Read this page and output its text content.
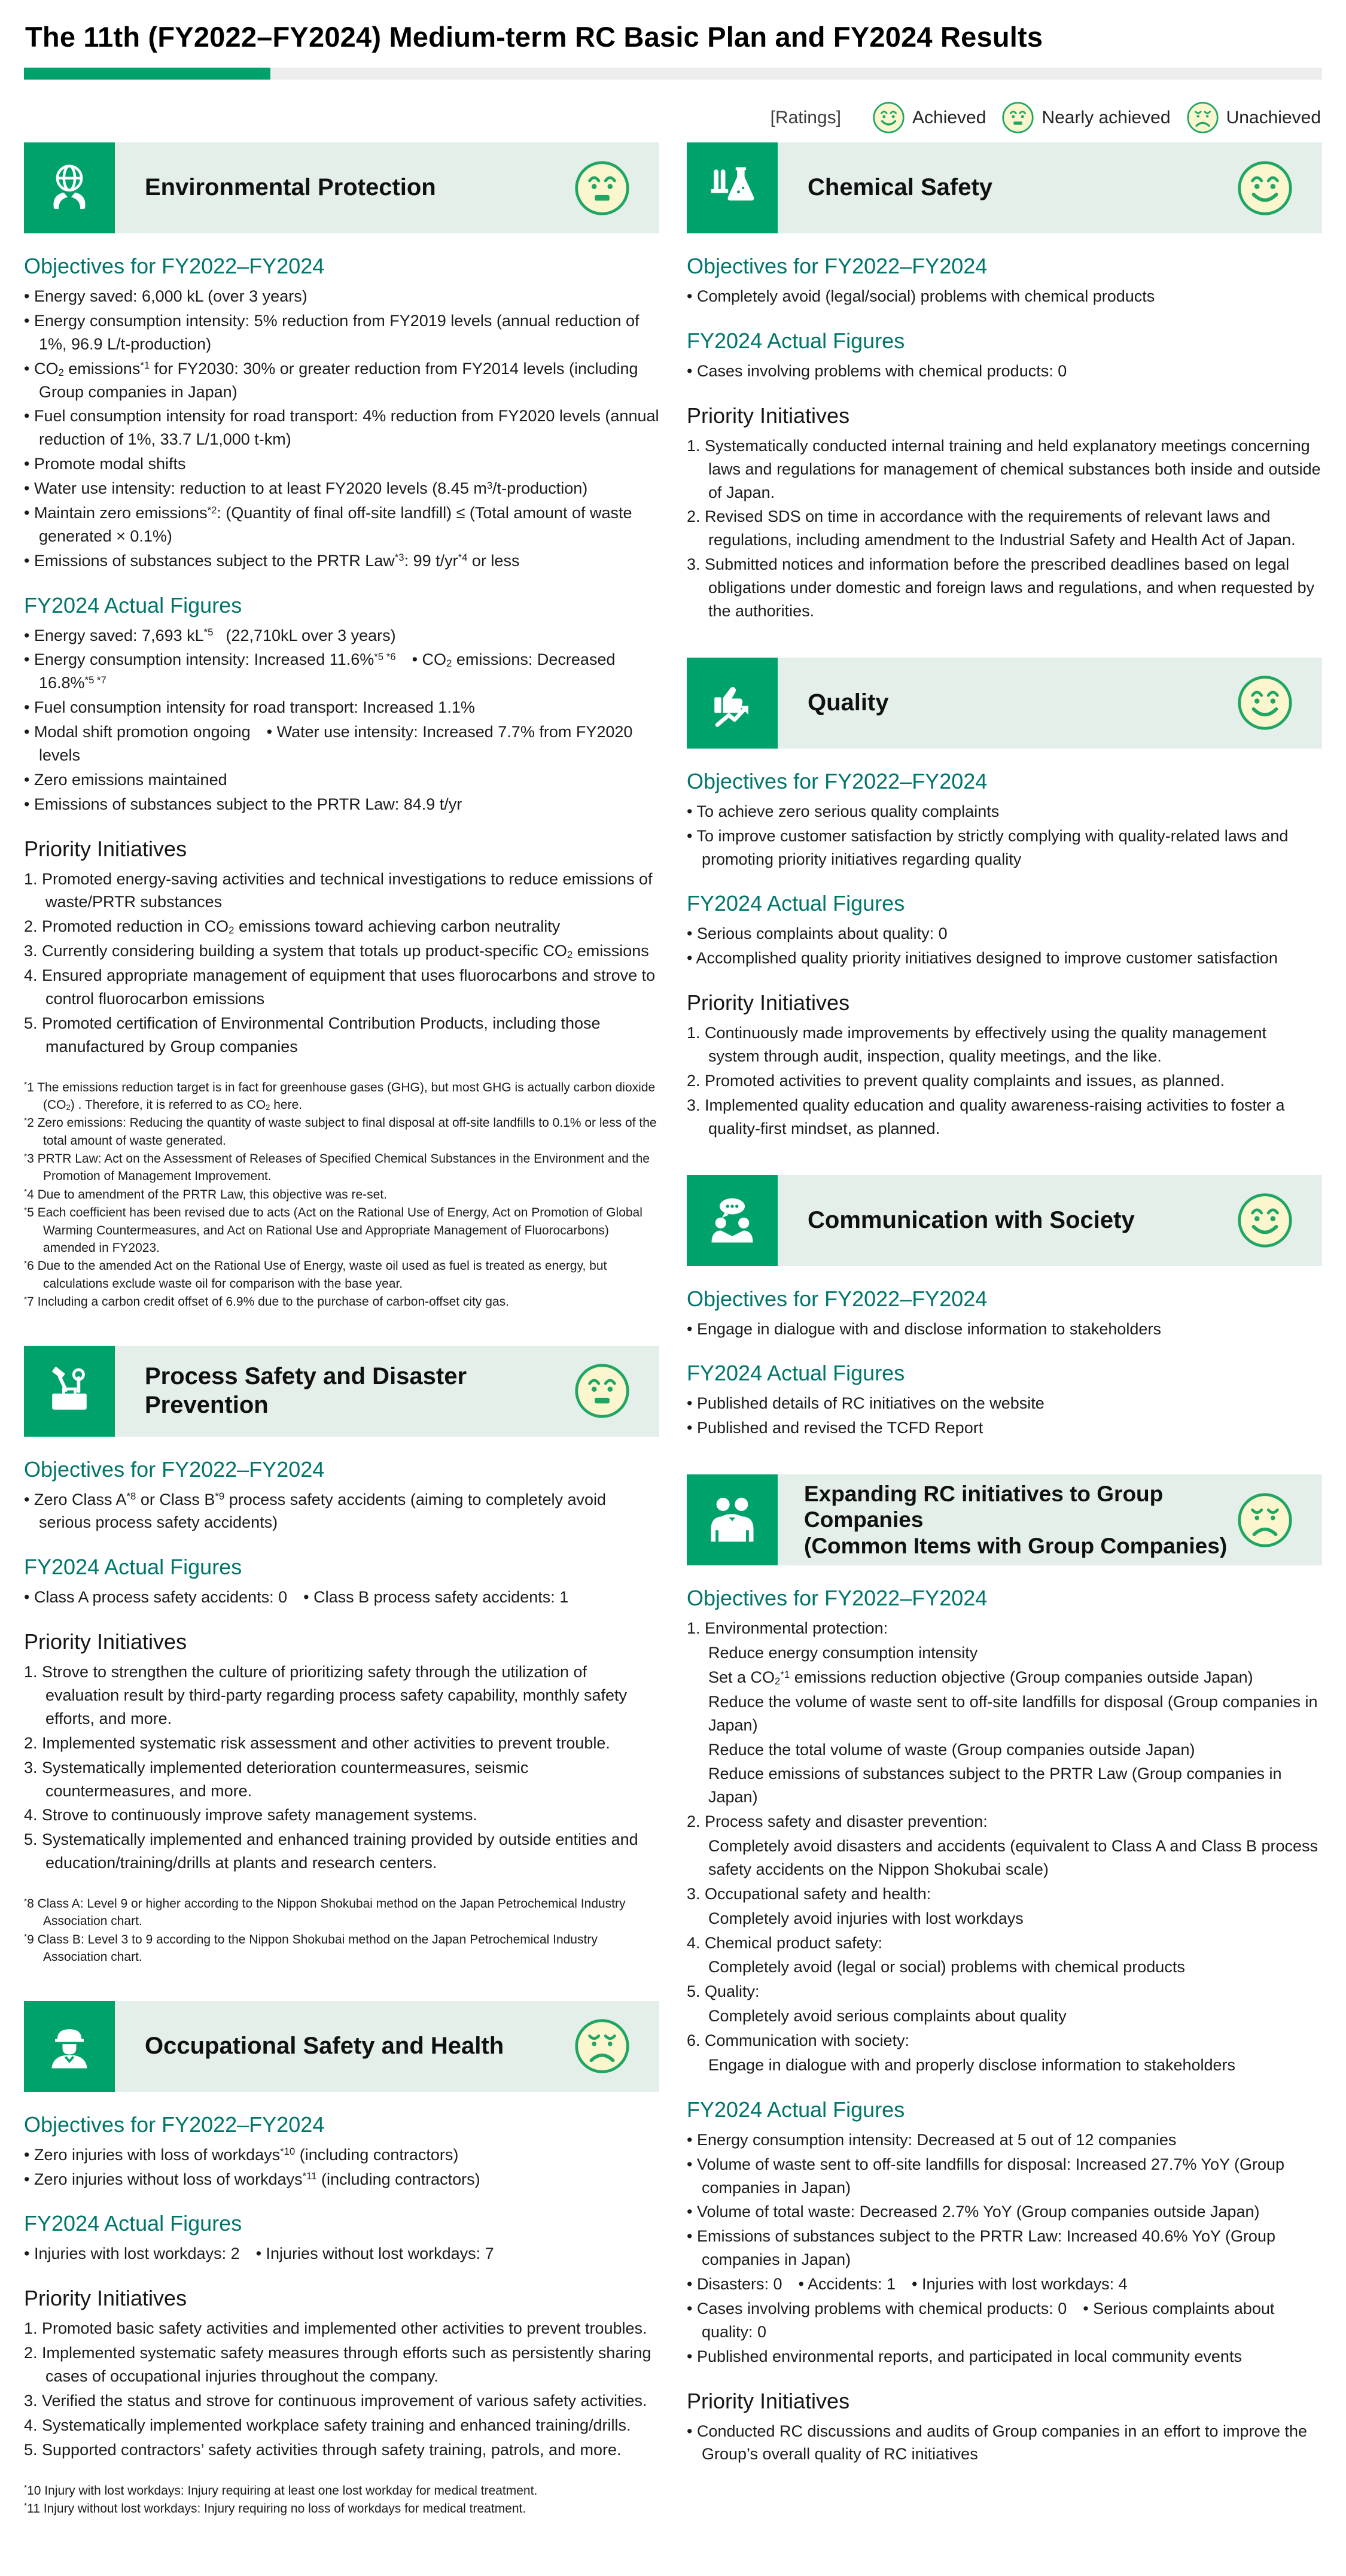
The 11th (FY2022–FY2024) Medium-term RC Basic Plan and FY2024 Results
[Ratings]	Achieved	Nearly achieved	Unachieved
Environmental Protection
Objectives for FY2022–FY2024
• Energy saved: 6,000 kL (over 3 years)
• Energy consumption intensity: 5% reduction from FY2019 levels (annual reduction of 1%, 96.9 L/t-production)
• $CO_2$ emissions$^{*1}$ for FY2030: 30% or greater reduction from FY2014 levels (including Group companies in Japan)
• Fuel consumption intensity for road transport: 4% reduction from FY2020 levels (annual reduction of 1%, 33.7 L/1,000 t-km)
• Promote modal shifts
• Water use intensity: reduction to at least FY2020 levels (8.45 $m^3/t-production$)
• Maintain zero emissions$^{*2}$: (Quantity of final off-site landfill) ≤ (Total amount of waste generated × 0.1%)
• Emissions of substances subject to the PRTR Law$^{*3}$: 99 $t/yr^{*4}$ or less
FY2024 Actual Figures
• Energy saved: 7,693 $kL^{*5}$  (22,710kL over 3 years)
• Energy consumption intensity: Increased 11.6%$^{*5 *6}$ • $CO_2$ emissions: Decreased 16.8%$^{*5 *7}$
• Fuel consumption intensity for road transport: Increased 1.1%
• Modal shift promotion ongoing • Water use intensity: Increased 7.7% from FY2020 levels
• Zero emissions maintained
• Emissions of substances subject to the PRTR Law: 84.9 t/yr
Priority Initiatives
1. Promoted energy-saving activities and technical investigations to reduce emissions of waste/PRTR substances
2. Promoted reduction in $CO_2$ emissions toward achieving carbon neutrality
3. Currently considering building a system that totals up product-specific $CO_2$ emissions
4. Ensured appropriate management of equipment that uses fluorocarbons and strove to control fluorocarbon emissions
5. Promoted certification of Environmental Contribution Products, including those manufactured by Group companies
*1 The emissions reduction target is in fact for greenhouse gases (GHG), but most GHG is actually carbon dioxide $(CO_2)$ . Therefore, it is referred to as $CO_2$ here.
*2 Zero emissions: Reducing the quantity of waste subject to final disposal at off-site landfills to 0.1% or less of the total amount of waste generated.
*3 PRTR Law: Act on the Assessment of Releases of Specified Chemical Substances in the Environment and the Promotion of Management Improvement.
*4 Due to amendment of the PRTR Law, this objective was re-set.
*5 Each coefficient has been revised due to acts (Act on the Rational Use of Energy, Act on Promotion of Global Warming Countermeasures, and Act on Rational Use and Appropriate Management of Fluorocarbons) amended in FY2023.
*6 Due to the amended Act on the Rational Use of Energy, waste oil used as fuel is treated as energy, but calculations exclude waste oil for comparison with the base year.
*7 Including a carbon credit offset of 6.9% due to the purchase of carbon-offset city gas.
Process Safety and Disaster Prevention
Objectives for FY2022–FY2024
• Zero Class $A^{*8}$ or Class $B^{*9}$ process safety accidents (aiming to completely avoid serious process safety accidents)
FY2024 Actual Figures
• Class A process safety accidents: 0 • Class B process safety accidents: 1
Priority Initiatives
1. Strove to strengthen the culture of prioritizing safety through the utilization of evaluation result by third-party regarding process safety capability, monthly safety efforts, and more.
2. Implemented systematic risk assessment and other activities to prevent trouble.
3. Systematically implemented deterioration countermeasures, seismic countermeasures, and more.
4. Strove to continuously improve safety management systems.
5. Systematically implemented and enhanced training provided by outside entities and education/training/drills at plants and research centers.
*8 Class A: Level 9 or higher according to the Nippon Shokubai method on the Japan Petrochemical Industry Association chart.
*9 Class B: Level 3 to 9 according to the Nippon Shokubai method on the Japan Petrochemical Industry Association chart.
Occupational Safety and Health
Objectives for FY2022–FY2024
• Zero injuries with loss of workdays$^{*10}$ (including contractors)
• Zero injuries without loss of workdays$^{*11}$ (including contractors)
FY2024 Actual Figures
• Injuries with lost workdays: 2 • Injuries without lost workdays: 7
Priority Initiatives
1. Promoted basic safety activities and implemented other activities to prevent troubles.
2. Implemented systematic safety measures through efforts such as persistently sharing cases of occupational injuries throughout the company.
3. Verified the status and strove for continuous improvement of various safety activities.
4. Systematically implemented workplace safety training and enhanced training/drills.
5. Supported contractors’ safety activities through safety training, patrols, and more.
*10 Injury with lost workdays: Injury requiring at least one lost workday for medical treatment.
*11 Injury without lost workdays: Injury requiring no loss of workdays for medical treatment.
Chemical Safety
Objectives for FY2022–FY2024
• Completely avoid (legal/social) problems with chemical products
FY2024 Actual Figures
• Cases involving problems with chemical products: 0
Priority Initiatives
1. Systematically conducted internal training and held explanatory meetings concerning laws and regulations for management of chemical substances both inside and outside of Japan.
2. Revised SDS on time in accordance with the requirements of relevant laws and regulations, including amendment to the Industrial Safety and Health Act of Japan.
3. Submitted notices and information before the prescribed deadlines based on legal obligations under domestic and foreign laws and regulations, and when requested by the authorities.
Quality
Objectives for FY2022–FY2024
• To achieve zero serious quality complaints
• To improve customer satisfaction by strictly complying with quality-related laws and promoting priority initiatives regarding quality
FY2024 Actual Figures
• Serious complaints about quality: 0
• Accomplished quality priority initiatives designed to improve customer satisfaction
Priority Initiatives
1. Continuously made improvements by effectively using the quality management system through audit, inspection, quality meetings, and the like.
2. Promoted activities to prevent quality complaints and issues, as planned.
3. Implemented quality education and quality awareness-raising activities to foster a quality-first mindset, as planned.
Communication with Society
Objectives for FY2022–FY2024
• Engage in dialogue with and disclose information to stakeholders
FY2024 Actual Figures
• Published details of RC initiatives on the website
• Published and revised the TCFD Report
Expanding RC initiatives to Group Companies
(Common Items with Group Companies)
Objectives for FY2022–FY2024
1. Environmental protection:
Reduce energy consumption intensity
Set a $CO_2^{*1}$ emissions reduction objective (Group companies outside Japan)
Reduce the volume of waste sent to off-site landfills for disposal (Group companies in Japan)
Reduce the total volume of waste (Group companies outside Japan)
Reduce emissions of substances subject to the PRTR Law (Group companies in Japan)
2. Process safety and disaster prevention:
Completely avoid disasters and accidents (equivalent to Class A and Class B process safety accidents on the Nippon Shokubai scale)
3. Occupational safety and health:
Completely avoid injuries with lost workdays
4. Chemical product safety:
Completely avoid (legal or social) problems with chemical products
5. Quality:
Completely avoid serious complaints about quality
6. Communication with society:
Engage in dialogue with and properly disclose information to stakeholders
FY2024 Actual Figures
• Energy consumption intensity: Decreased at 5 out of 12 companies
• Volume of waste sent to off-site landfills for disposal: Increased 27.7% YoY (Group companies in Japan)
• Volume of total waste: Decreased 2.7% YoY (Group companies outside Japan)
• Emissions of substances subject to the PRTR Law: Increased 40.6% YoY (Group companies in Japan)
• Disasters: 0 • Accidents: 1 • Injuries with lost workdays: 4
• Cases involving problems with chemical products: 0 • Serious complaints about quality: 0
• Published environmental reports, and participated in local community events
Priority Initiatives
• Conducted RC discussions and audits of Group companies in an effort to improve the Group’s overall quality of RC initiatives
